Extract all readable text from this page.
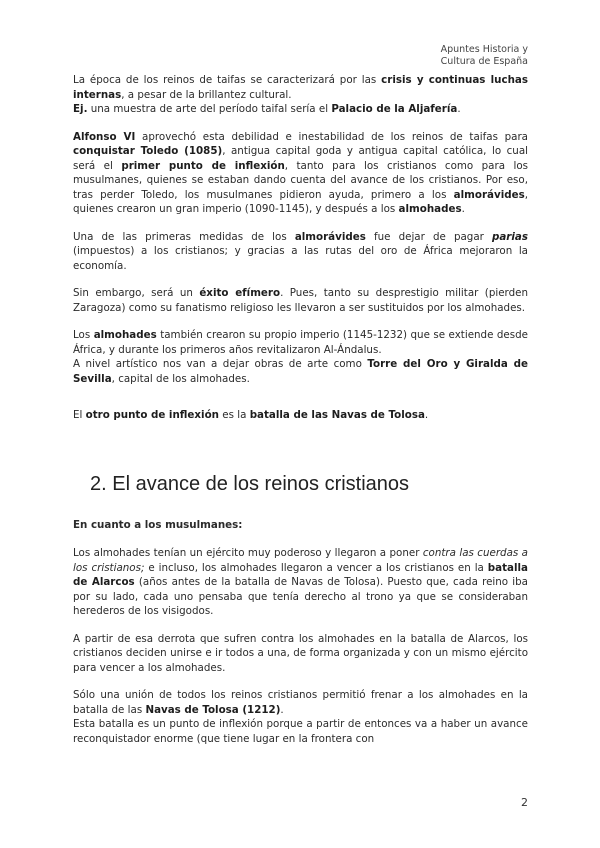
Apuntes Historia y
Cultura de España

La época de los reinos de taifas se caracterizará por las crisis y continuas luchas internas, a pesar de la brillantez cultural.
Ej. una muestra de arte del período taifal sería el Palacio de la Aljafería.

Alfonso VI aprovechó esta debilidad e inestabilidad de los reinos de taifas para conquistar Toledo (1085), antigua capital goda y antigua capital católica, lo cual será el primer punto de inflexión, tanto para los cristianos como para los musulmanes, quienes se estaban dando cuenta del avance de los cristianos. Por eso, tras perder Toledo, los musulmanes pidieron ayuda, primero a los almorávides, quienes crearon un gran imperio (1090-1145), y después a los almohades.

Una de las primeras medidas de los almorávides fue dejar de pagar parias (impuestos) a los cristianos; y gracias a las rutas del oro de África mejoraron la economía.

Sin embargo, será un éxito efímero. Pues, tanto su desprestigio militar (pierden Zaragoza) como su fanatismo religioso les llevaron a ser sustituidos por los almohades.

Los almohades también crearon su propio imperio (1145-1232) que se extiende desde África, y durante los primeros años revitalizaron Al-Ándalus.
A nivel artístico nos van a dejar obras de arte como Torre del Oro y Giralda de Sevilla, capital de los almohades.

El otro punto de inflexión es la batalla de las Navas de Tolosa.

2. El avance de los reinos cristianos

En cuanto a los musulmanes:

Los almohades tenían un ejército muy poderoso y llegaron a poner contra las cuerdas a los cristianos; e incluso, los almohades llegaron a vencer a los cristianos en la batalla de Alarcos (años antes de la batalla de Navas de Tolosa). Puesto que, cada reino iba por su lado, cada uno pensaba que tenía derecho al trono ya que se consideraban herederos de los visigodos.

A partir de esa derrota que sufren contra los almohades en la batalla de Alarcos, los cristianos deciden unirse e ir todos a una, de forma organizada y con un mismo ejército para vencer a los almohades.

Sólo una unión de todos los reinos cristianos permitió frenar a los almohades en la batalla de las Navas de Tolosa (1212).
Esta batalla es un punto de inflexión porque a partir de entonces va a haber un avance reconquistador enorme (que tiene lugar en la frontera con

2
